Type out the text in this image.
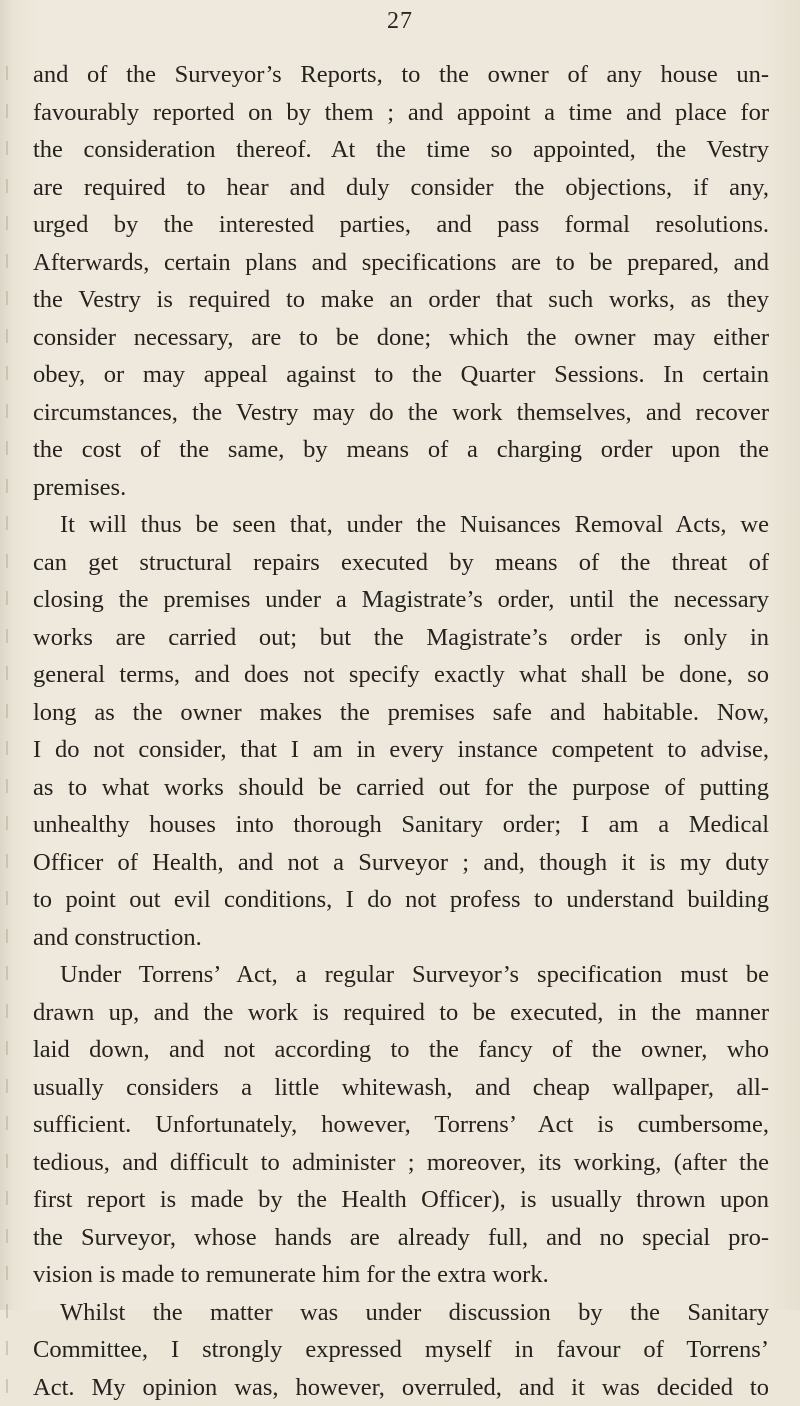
27
and of the Surveyor’s Reports, to the owner of any house un-
favourably reported on by them ; and appoint a time and place for
the consideration thereof. At the time so appointed, the Vestry
are required to hear and duly consider the objections, if any,
urged by the interested parties, and pass formal resolutions.
Afterwards, certain plans and specifications are to be prepared, and
the Vestry is required to make an order that such works, as they
consider necessary, are to be done; which the owner may either
obey, or may appeal against to the Quarter Sessions. In certain
circumstances, the Vestry may do the work themselves, and recover
the cost of the same, by means of a charging order upon the
premises.
It will thus be seen that, under the Nuisances Removal Acts, we
can get structural repairs executed by means of the threat of
closing the premises under a Magistrate’s order, until the necessary
works are carried out; but the Magistrate’s order is only in
general terms, and does not specify exactly what shall be done, so
long as the owner makes the premises safe and habitable. Now,
I do not consider, that I am in every instance competent to advise,
as to what works should be carried out for the purpose of putting
unhealthy houses into thorough Sanitary order; I am a Medical
Officer of Health, and not a Surveyor ; and, though it is my duty
to point out evil conditions, I do not profess to understand building
and construction.
Under Torrens’ Act, a regular Surveyor’s specification must be
drawn up, and the work is required to be executed, in the manner
laid down, and not according to the fancy of the owner, who
usually considers a little whitewash, and cheap wallpaper, all-
sufficient. Unfortunately, however, Torrens’ Act is cumbersome,
tedious, and difficult to administer ; moreover, its working, (after the
first report is made by the Health Officer), is usually thrown upon
the Surveyor, whose hands are already full, and no special pro-
vision is made to remunerate him for the extra work.
Whilst the matter was under discussion by the Sanitary
Committee, I strongly expressed myself in favour of Torrens’
Act. My opinion was, however, overruled, and it was decided to
